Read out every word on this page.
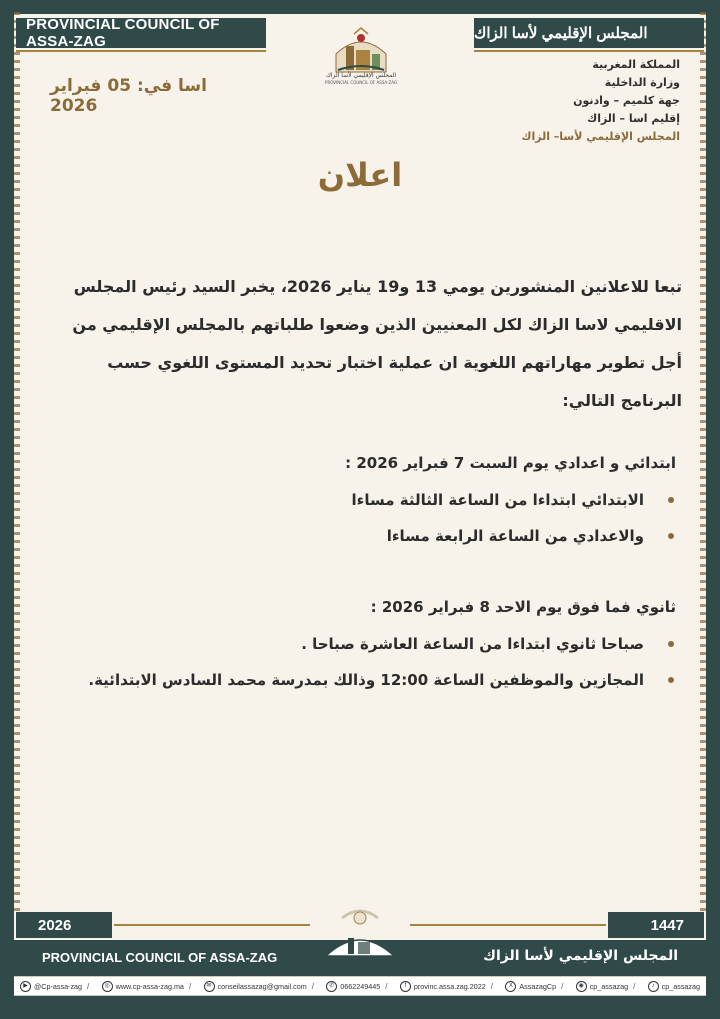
PROVINCIAL COUNCIL OF ASSA-ZAG	المجلس الإقليمي لأسا الزاك
المجلس الإقليمي لأسا الزاك
PROVINCIAL COUNCIL OF ASSA-ZAG
اسا في: 05 فبراير 2026
المملكة المغربية
وزارة الداخلية
جهة كلميم – وادنون
إقليم اسا – الزاك
المجلس الإقليمي لأسا– الزاك
اعلان

تبعا للاعلانين المنشورين يومي 13 و19 يناير 2026، يخبر السيد رئيس المجلس

الاقليمي لاسا الزاك لكل المعنيين الذين وضعوا طلباتهم بالمجلس الإقليمي من

أجل تطوير مهاراتهم اللغوية ان عملية اختبار تحديد المستوى اللغوي حسب

البرنامج التالي:

ابتدائي و اعدادي يوم السبت 7 فبراير 2026 :
الابتدائي ابتداءا من الساعة الثالثة مساءا
والاعدادي من الساعة الرابعة مساءا
ثانوي فما فوق يوم الاحد 8 فبراير 2026 :
صباحا ثانوي ابتداءا من الساعة العاشرة صباحا .
المجازين والموظفين الساعة 12:00 وذالك بمدرسة محمد السادس الابتدائية.
2026	1447
PROVINCIAL COUNCIL OF ASSA-ZAG	المجلس الإقليمي لأسا الزاك
▶ @Cp-assa-zag /	◎ www.cp-assa-zag.ma /	✉ conseilassazag@gmail.com /	✆ 0662249445 /	f	provinc.assa.zag.2022 /	X AssazagCp /	◉ cp_assazag /	♪ cp_assazag
